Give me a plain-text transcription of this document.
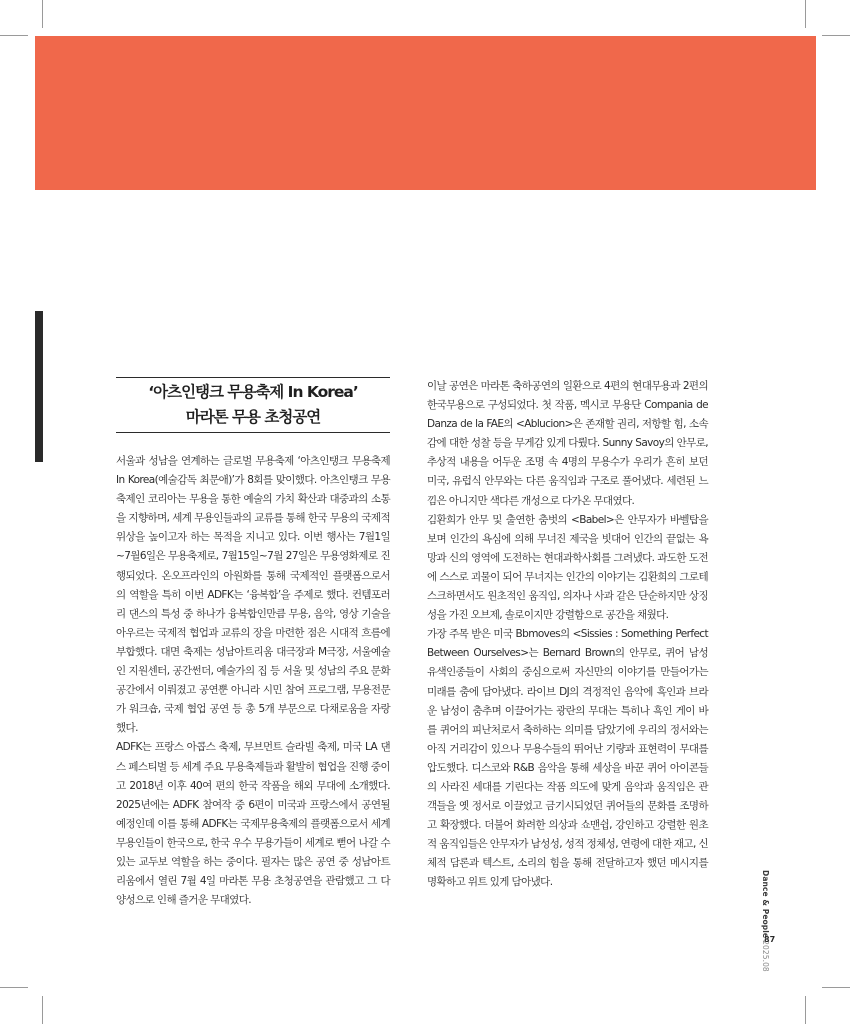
‘아츠인탱크 무용축제 In Korea’
마라톤 무용 초청공연

서울과 성남을 연계하는 글로벌 무용축제 ‘아츠인탱크 무용축제 In Korea(예술감독 최문애)’가 8회를 맞이했다. 아츠인탱크 무용축제인 코리아는 무용을 통한 예술의 가치 확산과 대중과의 소통을 지향하며, 세계 무용인들과의 교류를 통해 한국 무용의 국제적 위상을 높이고자 하는 목적을 지니고 있다. 이번 행사는 7월1일~7월6일은 무용축제로, 7월15일~7월 27일은 무용영화제로 진행되었다. 온오프라인의 아원화를 통해 국제적인 플랫폼으로서의 역할을 특히 이번 ADFK는 ‘융복합’을 주제로 했다. 컨템포러리 댄스의 특성 중 하나가 융복합인만큼 무용, 음악, 영상 기술을 아우르는 국제적 협업과 교류의 장을 마련한 점은 시대적 흐름에 부합했다. 대면 축제는 성남아트리움 대극장과 M극장, 서울예술인 지원센터, 공간썬더, 예술가의 집 등 서울 및 성남의 주요 문화 공간에서 이뤄졌고 공연뿐 아니라 시민 참여 프로그램, 무용전문가 워크숍, 국제 협업 공연 등 총 5개 부문으로 다채로움을 자랑했다.

ADFK는 프랑스 아콥스 축제, 무브먼트 슬라빌 축제, 미국 LA 댄스 페스티벌 등 세계 주요 무용축제들과 활발히 협업을 진행 중이고 2018년 이후 40여 편의 한국 작품을 해외 무대에 소개했다. 2025년에는 ADFK 참여작 중 6편이 미국과 프랑스에서 공연될 예정인데 이를 통해 ADFK는 국제무용축제의 플랫폼으로서 세계무용인들이 한국으로, 한국 우수 무용가들이 세계로 뻗어 나갈 수 있는 교두보 역할을 하는 중이다. 필자는 많은 공연 중 성남아트리움에서 열린 7월 4일 마라톤 무용 초청공연을 관람했고 그 다양성으로 인해 즐거운 무대였다.

이날 공연은 마라톤 축하공연의 일환으로 4편의 현대무용과 2편의 한국무용으로 구성되었다. 첫 작품, 멕시코 무용단 Compania de Danza de la FAE의 <Ablucion>은 존재할 권리, 저항할 힘, 소속감에 대한 성찰 등을 무게감 있게 다뤘다. Sunny Savoy의 안무로, 추상적 내용을 어두운 조명 속 4명의 무용수가 우리가 흔히 보던 미국, 유럽식 안무와는 다른 움직임과 구조로 풀어냈다. 세련된 느낌은 아니지만 색다른 개성으로 다가온 무대였다.

김환희가 안무 및 출연한 춤벗의 <Babel>은 안무자가 바벨탑을 보며 인간의 욕심에 의해 무너진 제국을 빗대어 인간의 끝없는 욕망과 신의 영역에 도전하는 현대과학사회를 그려냈다. 과도한 도전에 스스로 괴물이 되어 무너지는 인간의 이야기는 김환희의 그로테스크하면서도 원초적인 움직임, 의자나 사과 같은 단순하지만 상징성을 가진 오브제, 솔로이지만 강렬함으로 공간을 채웠다.

가장 주목 받은 미국 Bbmoves의 <Sissies : Something Perfect Between Ourselves>는 Bernard Brown의 안무로, 퀴어 남성 유색인종들이 사회의 중심으로써 자신만의 이야기를 만들어가는 미래를 춤에 담아냈다. 라이브 DJ의 격정적인 음악에 흑인과 브라운 남성이 춤추며 이끌어가는 광란의 무대는 특히나 흑인 게이 바를 퀴어의 피난처로서 축하하는 의미를 담았기에 우리의 정서와는 아직 거리감이 있으나 무용수들의 뛰어난 기량과 표현력이 무대를 압도했다. 디스코와 R&B 음악을 통해 세상을 바꾼 퀴어 아이콘들의 사라진 세대를 기린다는 작품 의도에 맞게 음악과 움직임은 관객들을 옛 정서로 이끌었고 금기시되었던 퀴어들의 문화를 조명하고 확장했다. 더불어 화려한 의상과 쇼맨쉽, 강인하고 강렬한 원초적 움직임들은 안무자가 남성성, 성적 정체성, 연령에 대한 재고, 신체적 담론과 텍스트, 소리의 힘을 통해 전달하고자 했던 메시지를 명확하고 위트 있게 담아냈다.	Dance & People2025.08
87
